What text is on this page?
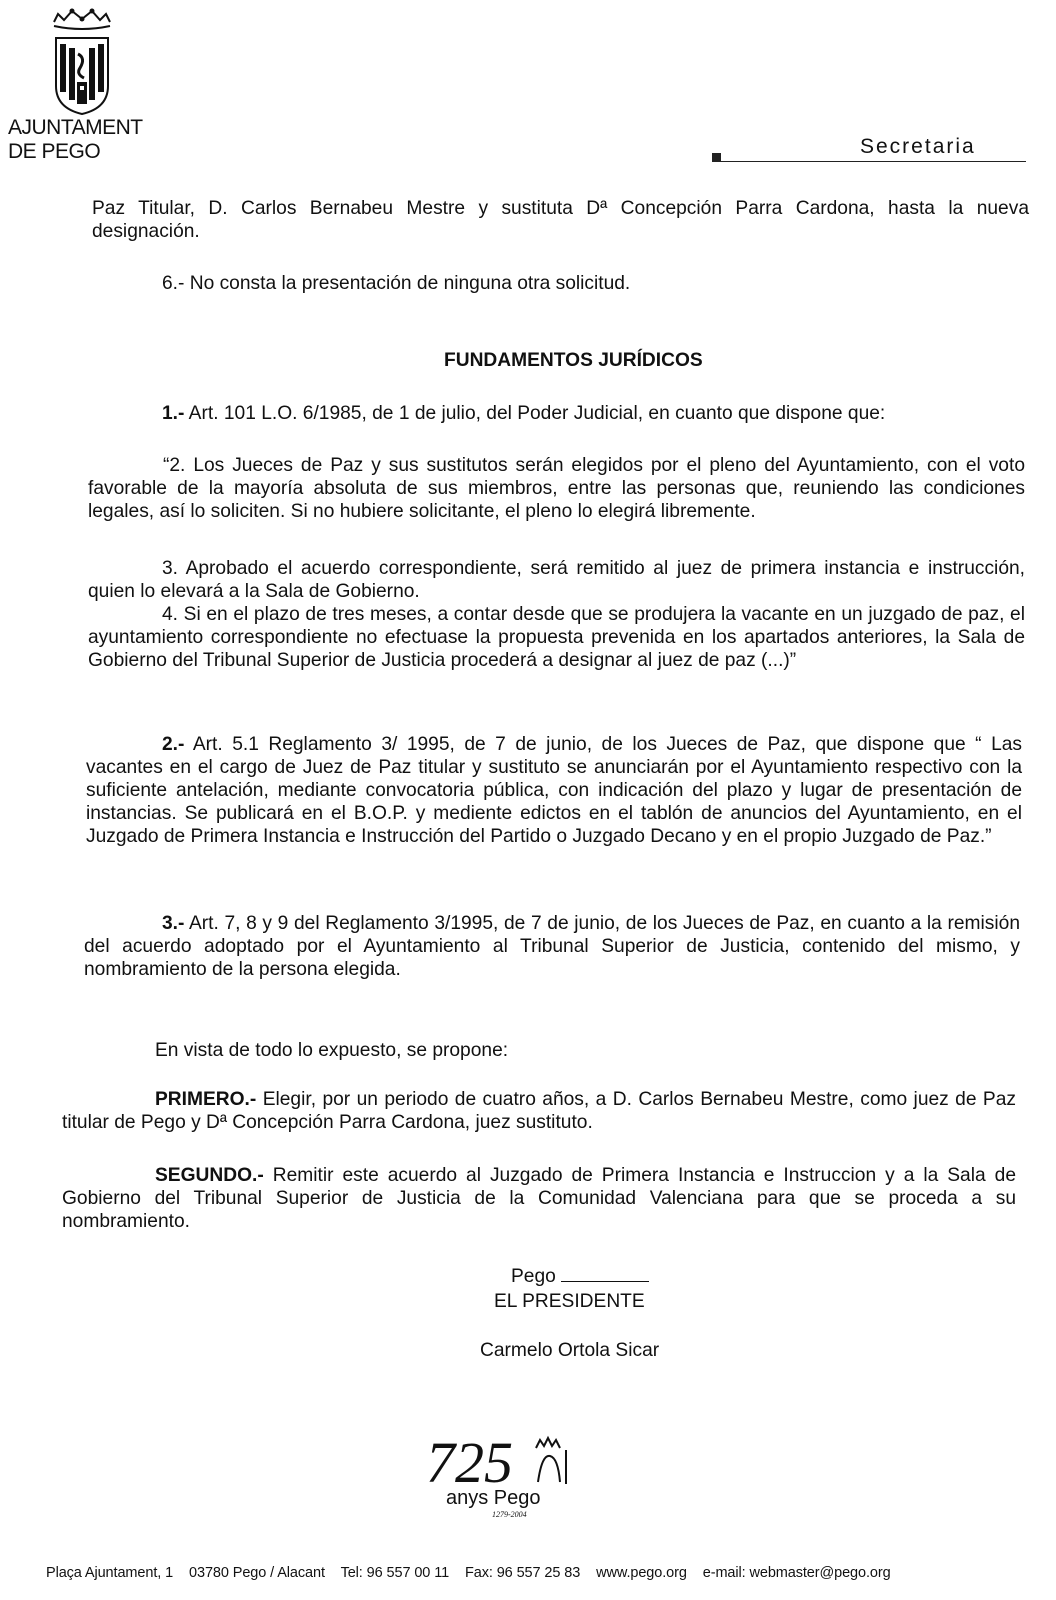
AJUNTAMENT
DE PEGO	Secretaria

Paz Titular, D. Carlos Bernabeu Mestre y sustituta Dª Concepción Parra Cardona, hasta la nueva designación.

6.- No consta la presentación de ninguna otra solicitud.

FUNDAMENTOS JURÍDICOS

1.- Art. 101 L.O. 6/1985, de 1 de julio, del Poder Judicial, en cuanto que dispone que:

“2. Los Jueces de Paz y sus sustitutos serán elegidos por el pleno del Ayuntamiento, con el voto favorable de la mayoría absoluta de sus miembros, entre las personas que, reuniendo las condiciones legales, así lo soliciten. Si no hubiere solicitante, el pleno lo elegirá libremente.

3. Aprobado el acuerdo correspondiente, será remitido al juez de primera instancia e instrucción, quien lo elevará a la Sala de Gobierno.

4. Si en el plazo de tres meses, a contar desde que se produjera la vacante en un juzgado de paz, el ayuntamiento correspondiente no efectuase la propuesta prevenida en los apartados anteriores, la Sala de Gobierno del Tribunal Superior de Justicia procederá a designar al juez de paz (...)”

2.- Art. 5.1 Reglamento 3/ 1995, de 7 de junio, de los Jueces de Paz, que dispone que “ Las vacantes en el cargo de Juez de Paz titular y sustituto se anunciarán por el Ayuntamiento respectivo con la suficiente antelación, mediante convocatoria pública, con indicación del plazo y lugar de presentación de instancias. Se publicará en el B.O.P. y mediente edictos en el tablón de anuncios del Ayuntamiento, en el Juzgado de Primera Instancia e Instrucción del Partido o Juzgado Decano y en el propio Juzgado de Paz.”

3.- Art. 7, 8 y 9 del Reglamento 3/1995, de 7 de junio, de los Jueces de Paz, en cuanto a la remisión del acuerdo adoptado por el Ayuntamiento al Tribunal Superior de Justicia, contenido del mismo, y nombramiento de la persona elegida.

En vista de todo lo expuesto, se propone:

PRIMERO.- Elegir, por un periodo de cuatro años, a D. Carlos Bernabeu Mestre, como juez de Paz titular de Pego y Dª Concepción Parra Cardona, juez sustituto.

SEGUNDO.- Remitir este acuerdo al Juzgado de Primera Instancia e Instruccion y a la Sala de Gobierno del Tribunal Superior de Justicia de la Comunidad Valenciana para que se proceda a su nombramiento.

Pego

EL PRESIDENTE

Carmelo Ortola Sicar

725
anys Pego
1279-2004
Plaça Ajuntament, 1 03780 Pego / Alacant Tel: 96 557 00 11 Fax: 96 557 25 83 www.pego.org e-mail: webmaster@pego.org
